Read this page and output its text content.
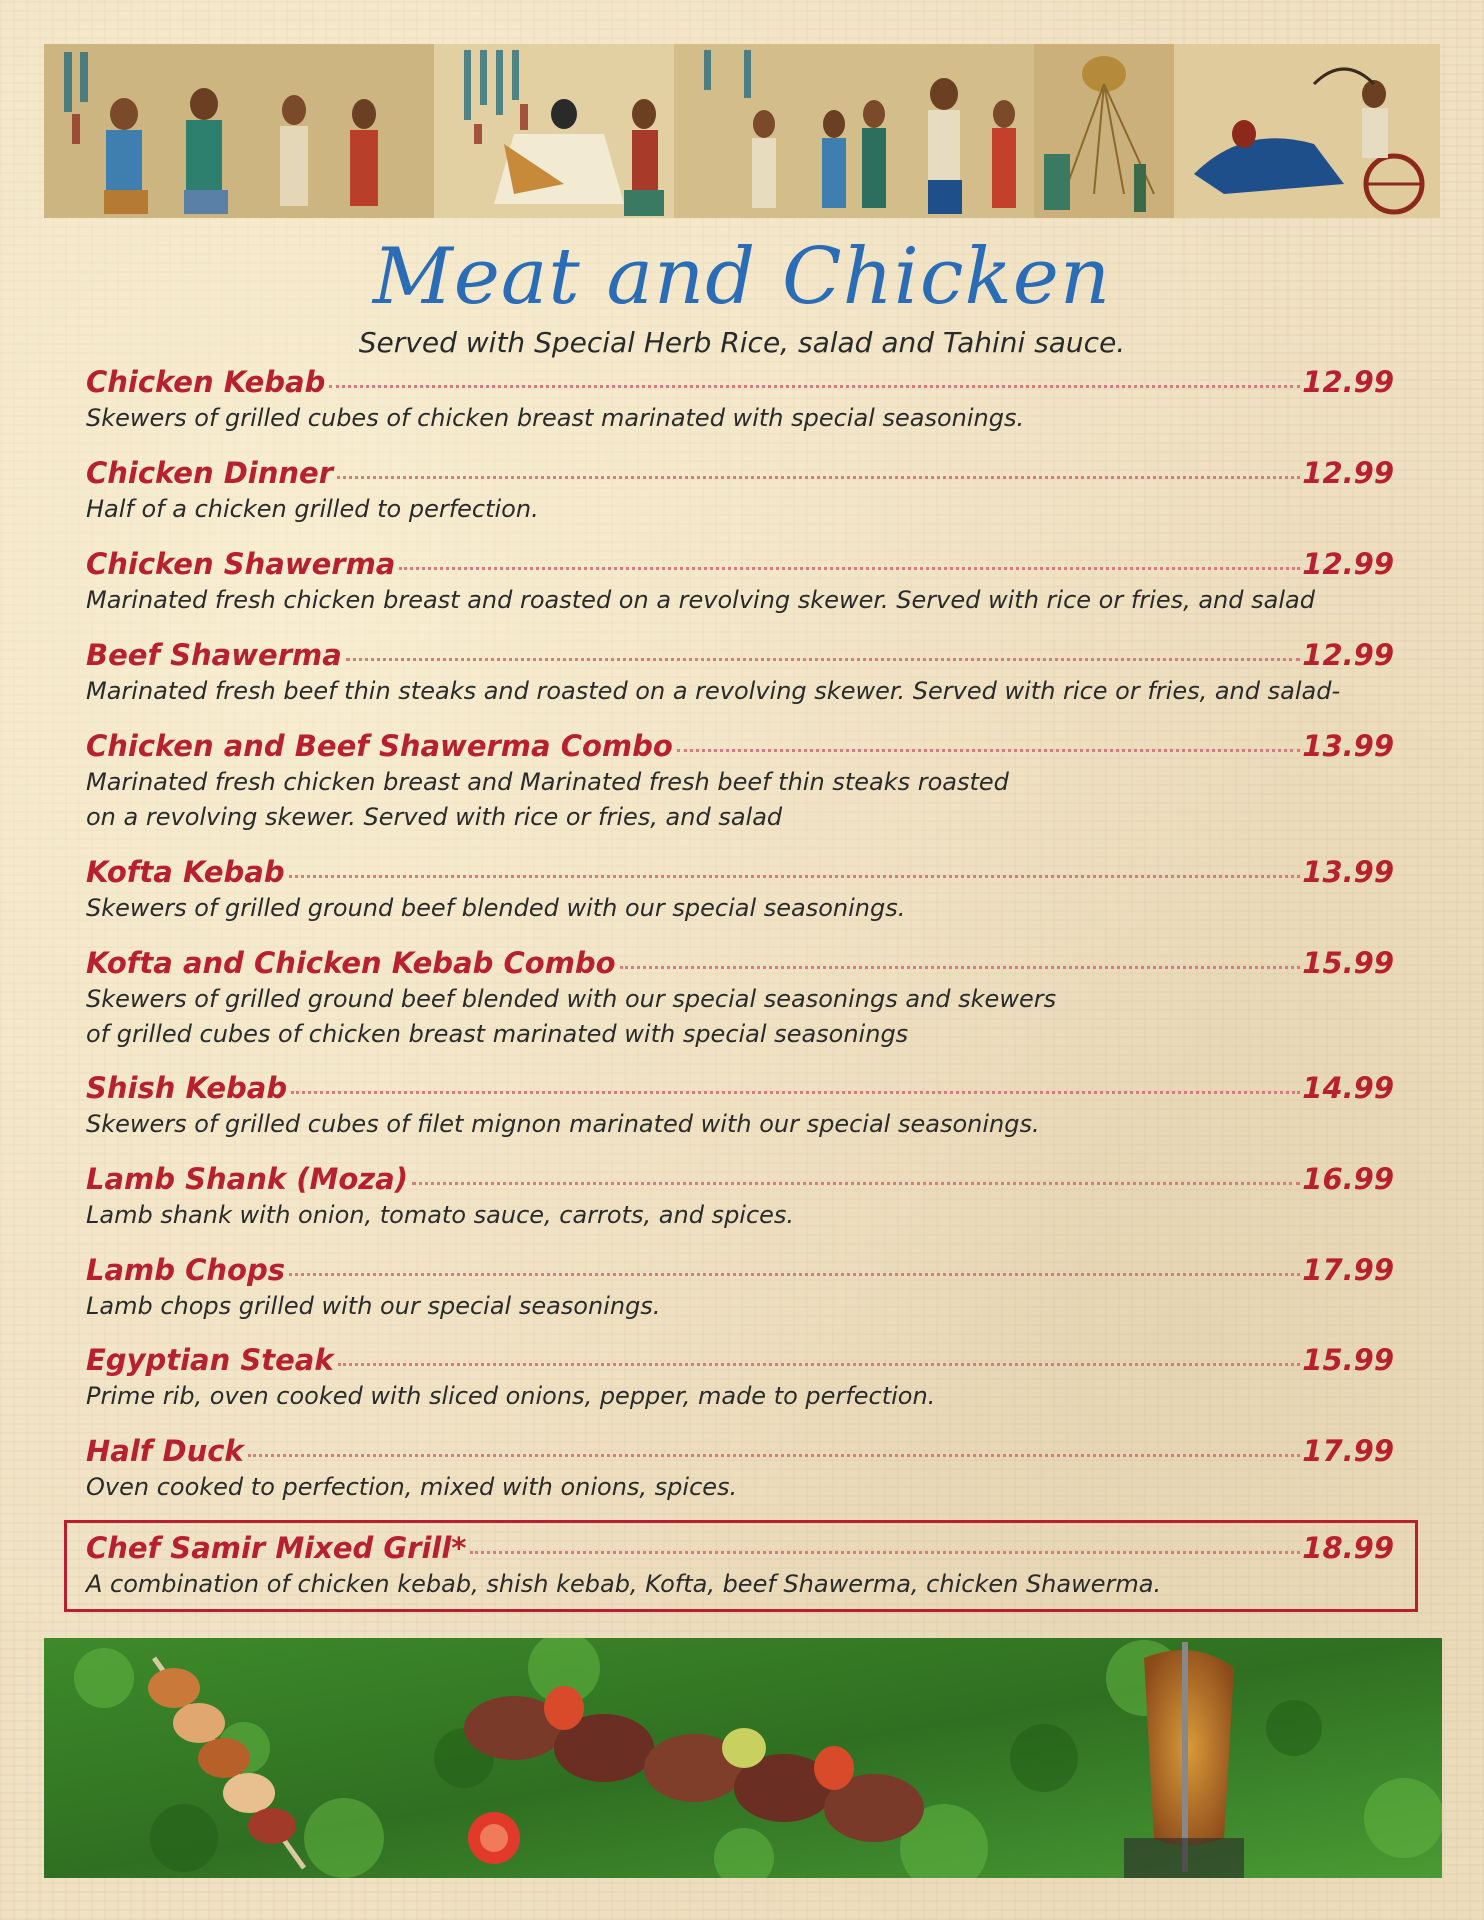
Meat and Chicken
Served with Special Herb Rice, salad and Tahini sauce.
Chicken Kebab	12.99
Skewers of grilled cubes of chicken breast marinated with special seasonings.
Chicken Dinner	12.99
Half of a chicken grilled to perfection.
Chicken Shawerma	12.99
Marinated fresh chicken breast and roasted on a revolving skewer. Served with rice or fries, and salad
Beef Shawerma	12.99
Marinated fresh beef thin steaks and roasted on a revolving skewer. Served with rice or fries, and salad-
Chicken and Beef Shawerma Combo	13.99
Marinated fresh chicken breast and Marinated fresh beef thin steaks roasted
on a revolving skewer. Served with rice or fries, and salad
Kofta Kebab	13.99
Skewers of grilled ground beef blended with our special seasonings.
Kofta and Chicken Kebab Combo	15.99
Skewers of grilled ground beef blended with our special seasonings and skewers
of grilled cubes of chicken breast marinated with special seasonings
Shish Kebab	14.99
Skewers of grilled cubes of filet mignon marinated with our special seasonings.
Lamb Shank (Moza)	16.99
Lamb shank with onion, tomato sauce, carrots, and spices.
Lamb Chops	17.99
Lamb chops grilled with our special seasonings.
Egyptian Steak	15.99
Prime rib, oven cooked with sliced onions, pepper, made to perfection.
Half Duck	17.99
Oven cooked to perfection, mixed with onions, spices.
Chef Samir Mixed Grill*	18.99
A combination of chicken kebab, shish kebab, Kofta, beef Shawerma, chicken Shawerma.
